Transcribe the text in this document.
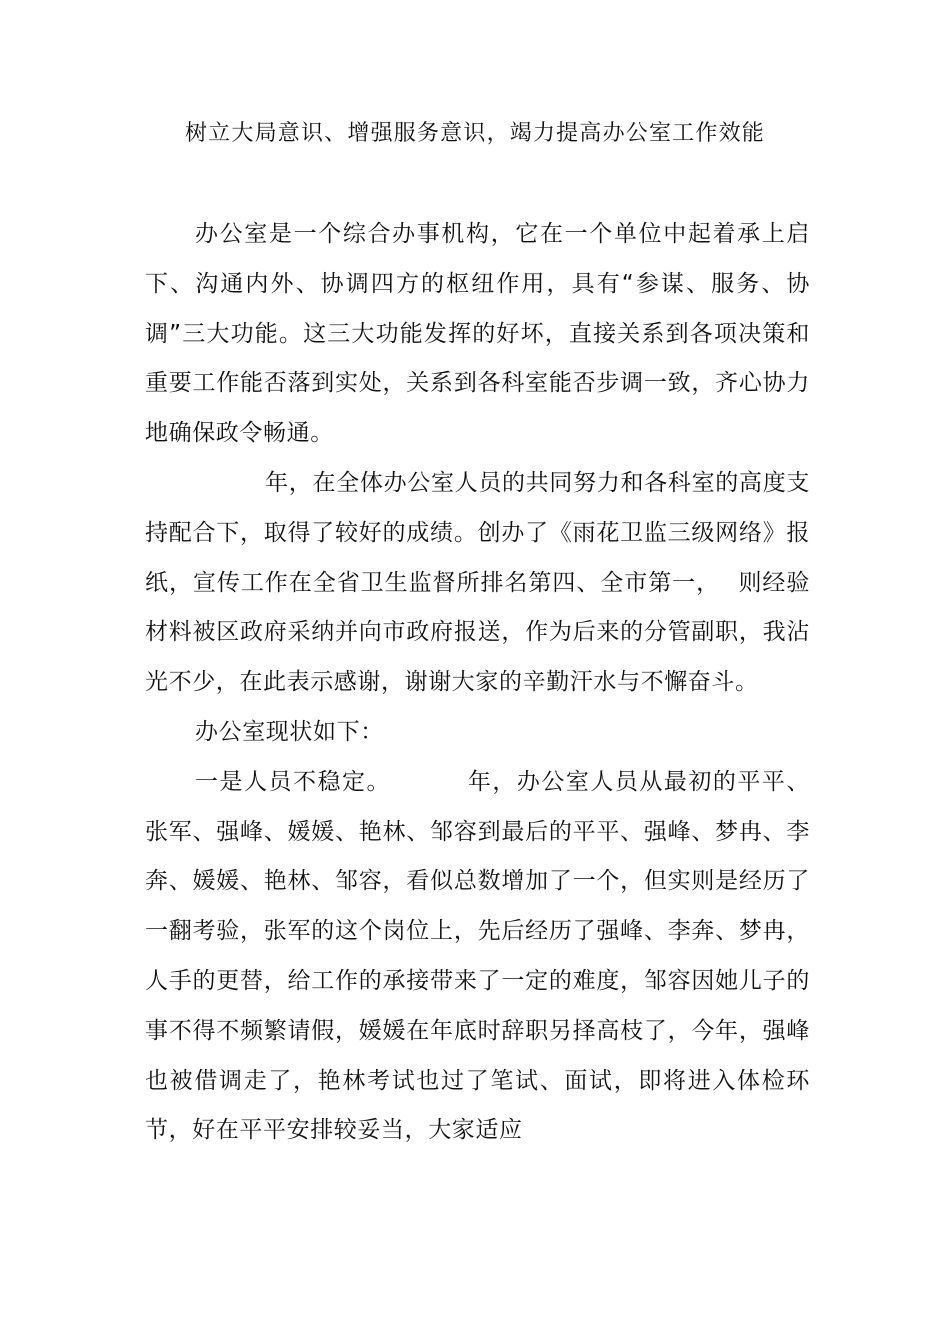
树立大局意识、增强服务意识，竭力提高办公室工作效能

办公室是一个综合办事机构，它在一个单位中起着承上启下、沟通内外、协调四方的枢纽作用，具有“参谋、服务、协调”三大功能。这三大功能发挥的好坏，直接关系到各项决策和重要工作能否落到实处，关系到各科室能否步调一致，齐心协力地确保政令畅通。

年，在全体办公室人员的共同努力和各科室的高度支持配合下，取得了较好的成绩。创办了《雨花卫监三级网络》报纸，宣传工作在全省卫生监督所排名第四、全市第一， 则经验材料被区政府采纳并向市政府报送，作为后来的分管副职，我沾光不少，在此表示感谢，谢谢大家的辛勤汗水与不懈奋斗。

办公室现状如下：

一是人员不稳定。	年，办公室人员从最初的平平、张军、强峰、媛媛、艳林、邹容到最后的平平、强峰、梦冉、李奔、媛媛、艳林、邹容，看似总数增加了一个，但实则是经历了一翻考验，张军的这个岗位上，先后经历了强峰、李奔、梦冉，人手的更替，给工作的承接带来了一定的难度，邹容因她儿子的事不得不频繁请假，媛媛在年底时辞职另择高枝了，今年，强峰也被借调走了，艳林考试也过了笔试、面试，即将进入体检环节，好在平平安排较妥当，大家适应
